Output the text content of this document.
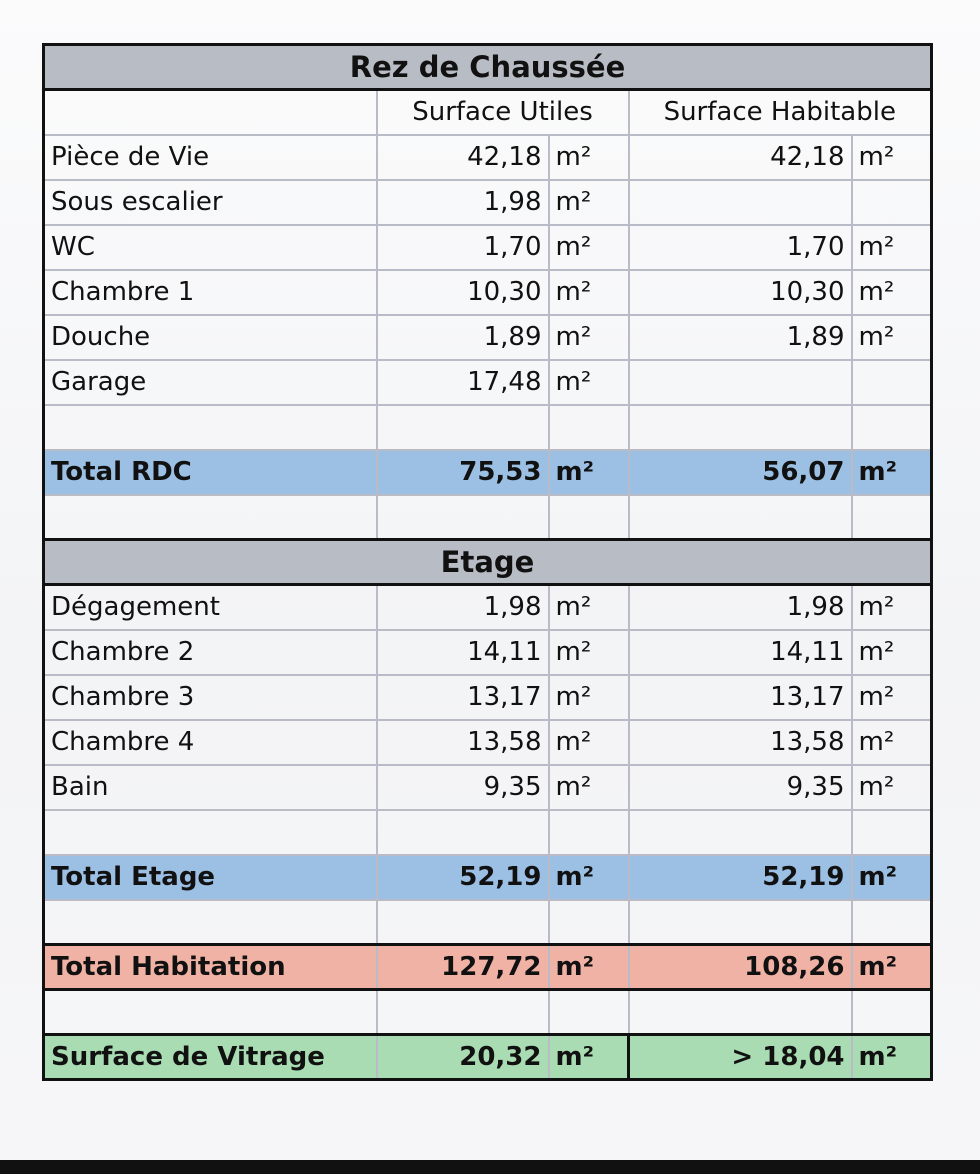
Rez de Chaussée				
	Surface Utiles		Surface Habitable	
Pièce de Vie	42,18	m²	42,18	m²
Sous escalier	1,98	m²		
WC	1,70	m²	1,70	m²
Chambre 1	10,30	m²	10,30	m²
Douche	1,89	m²	1,89	m²
Garage	17,48	m²		

Total RDC	75,53	m²	56,07	m²

Etage				
Dégagement	1,98	m²	1,98	m²
Chambre 2	14,11	m²	14,11	m²
Chambre 3	13,17	m²	13,17	m²
Chambre 4	13,58	m²	13,58	m²
Bain	9,35	m²	9,35	m²

Total Etage	52,19	m²	52,19	m²

Total Habitation	127,72	m²	108,26	m²

Surface de Vitrage	20,32	m²	> 18,04	m²
